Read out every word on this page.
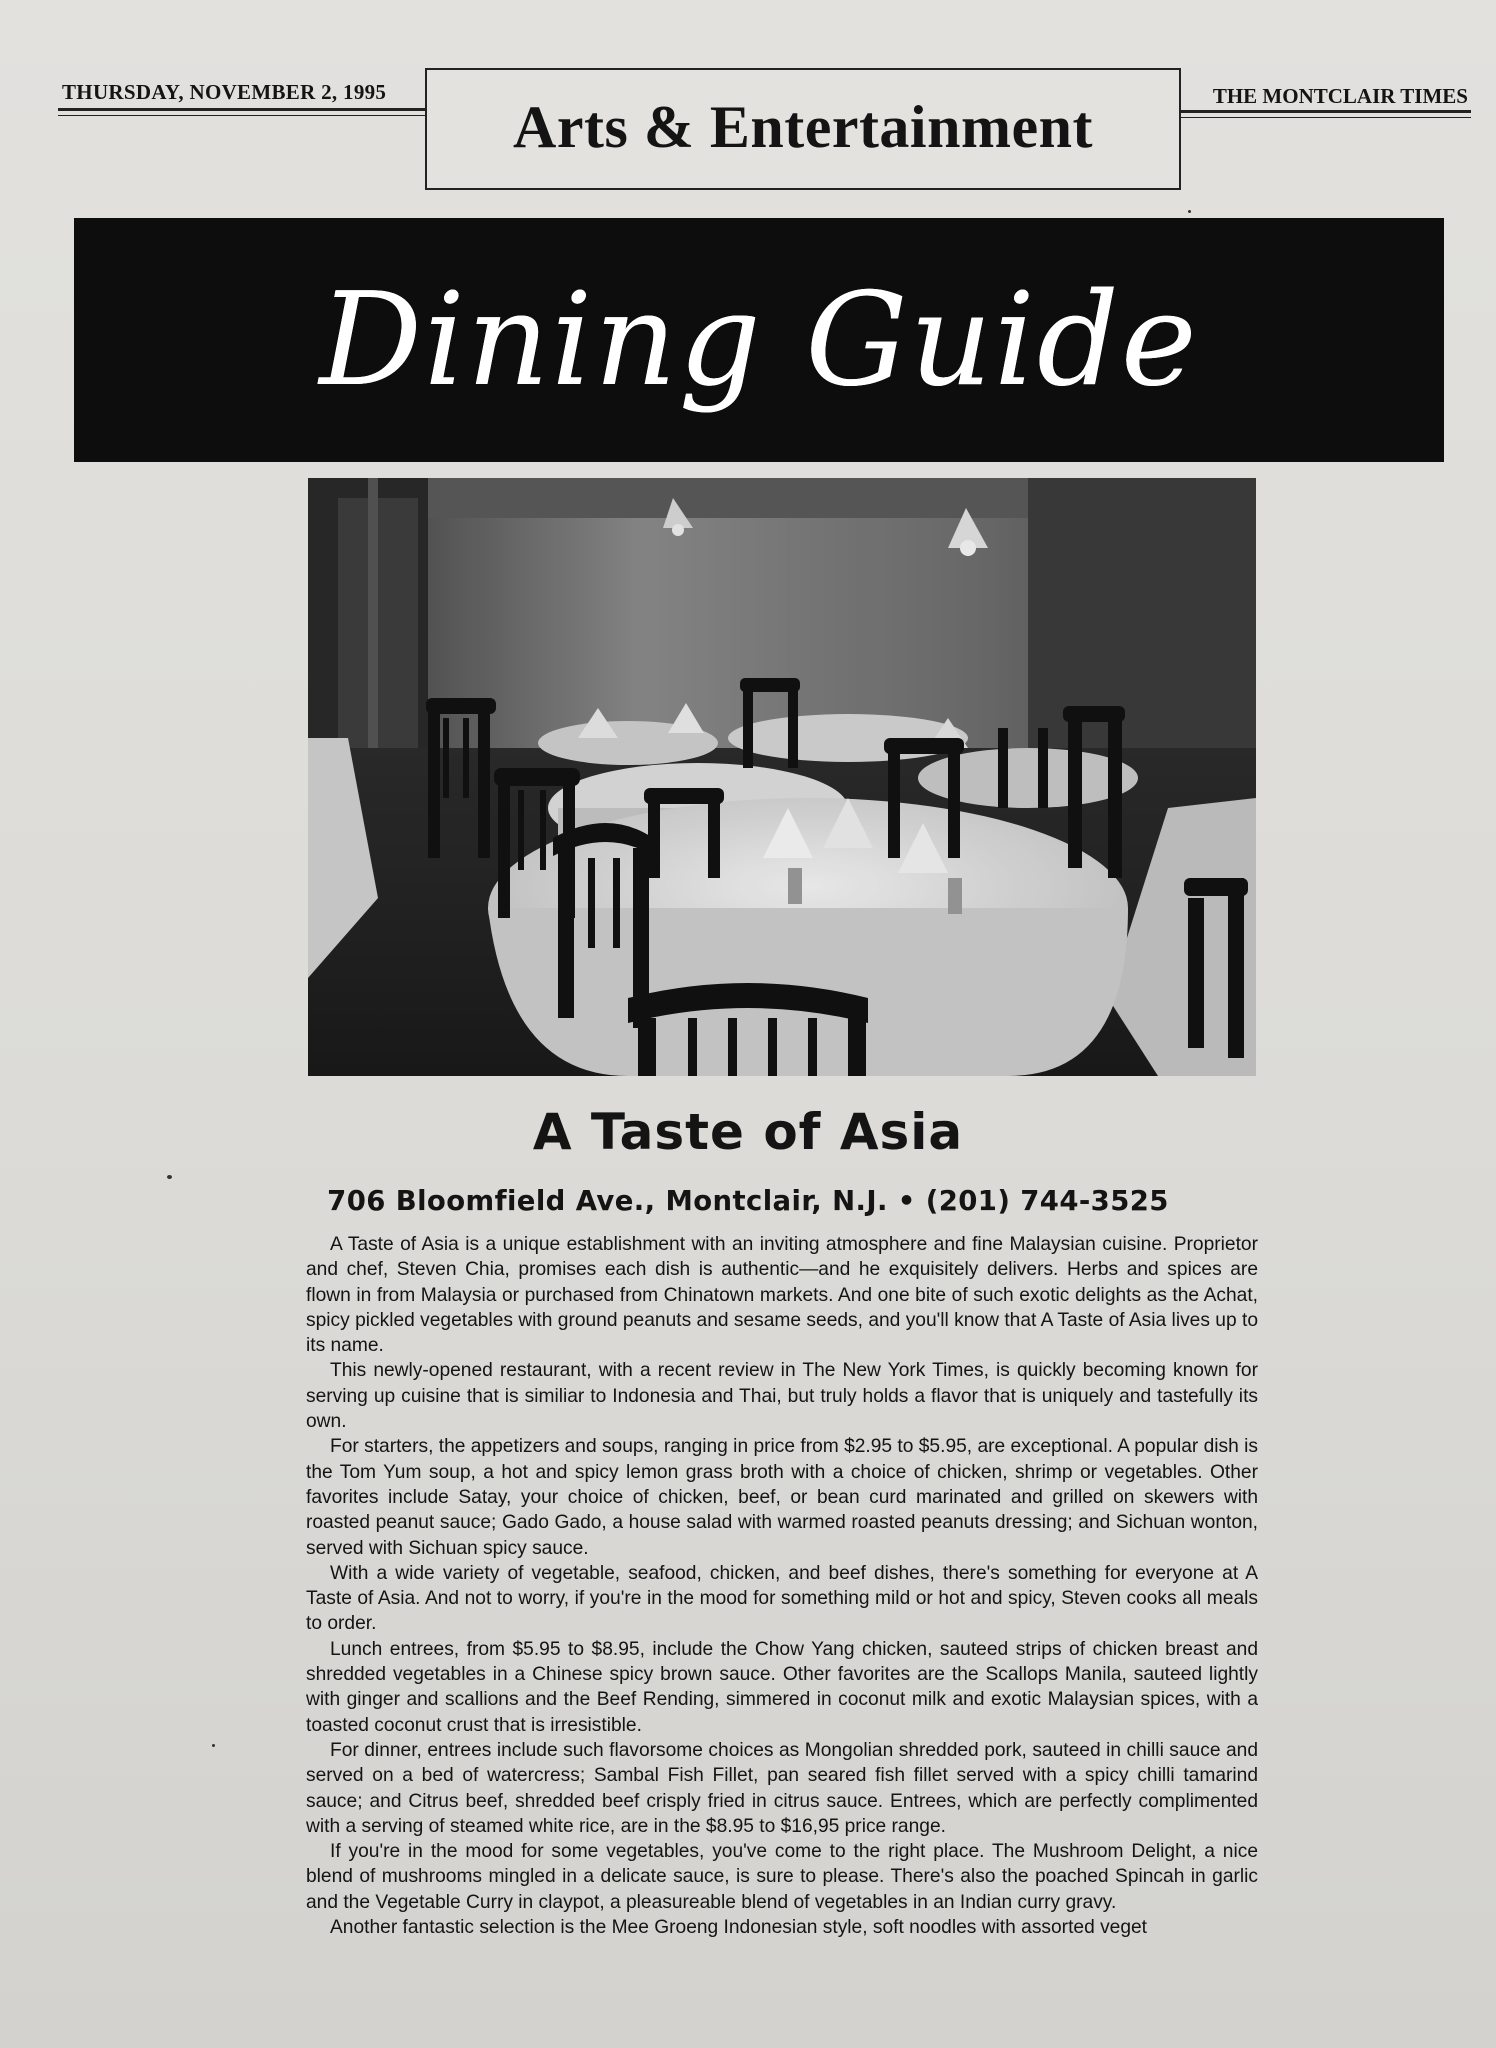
THURSDAY, NOVEMBER 2, 1995	THE MONTCLAIR TIMES
Arts & Entertainment
Dining Guide
A Taste of Asia
706 Bloomfield Ave., Montclair, N.J. • (201) 744-3525

A Taste of Asia is a unique establishment with an inviting atmosphere and fine Malaysian cuisine. Proprietor and chef, Steven Chia, promises each dish is authentic—and he exquisitely delivers. Herbs and spices are flown in from Malaysia or purchased from Chinatown markets. And one bite of such exotic delights as the Achat, spicy pickled vegetables with ground peanuts and sesame seeds, and you'll know that A Taste of Asia lives up to its name.

This newly-opened restaurant, with a recent review in The New York Times, is quickly becoming known for serving up cuisine that is similiar to Indonesia and Thai, but truly holds a flavor that is uniquely and tastefully its own.

For starters, the appetizers and soups, ranging in price from $2.95 to $5.95, are exceptional. A popular dish is the Tom Yum soup, a hot and spicy lemon grass broth with a choice of chicken, shrimp or vegetables. Other favorites include Satay, your choice of chicken, beef, or bean curd marinated and grilled on skewers with roasted peanut sauce; Gado Gado, a house salad with warmed roasted peanuts dressing; and Sichuan wonton, served with Sichuan spicy sauce.

With a wide variety of vegetable, seafood, chicken, and beef dishes, there's something for everyone at A Taste of Asia. And not to worry, if you're in the mood for something mild or hot and spicy, Steven cooks all meals to order.

Lunch entrees, from $5.95 to $8.95, include the Chow Yang chicken, sauteed strips of chicken breast and shredded vegetables in a Chinese spicy brown sauce. Other favorites are the Scallops Manila, sauteed lightly with ginger and scallions and the Beef Rending, simmered in coconut milk and exotic Malaysian spices, with a toasted coconut crust that is irresistible.

For dinner, entrees include such flavorsome choices as Mongolian shredded pork, sauteed in chilli sauce and served on a bed of watercress; Sambal Fish Fillet, pan seared fish fillet served with a spicy chilli tamarind sauce; and Citrus beef, shredded beef crisply fried in citrus sauce. Entrees, which are perfectly complimented with a serving of steamed white rice, are in the $8.95 to $16,95 price range.

If you're in the mood for some vegetables, you've come to the right place. The Mushroom Delight, a nice blend of mushrooms mingled in a delicate sauce, is sure to please. There's also the poached Spincah in garlic and the Vegetable Curry in claypot, a pleasureable blend of vegetables in an Indian curry gravy.

Another fantastic selection is the Mee Groeng Indonesian style, soft noodles with assorted veget
